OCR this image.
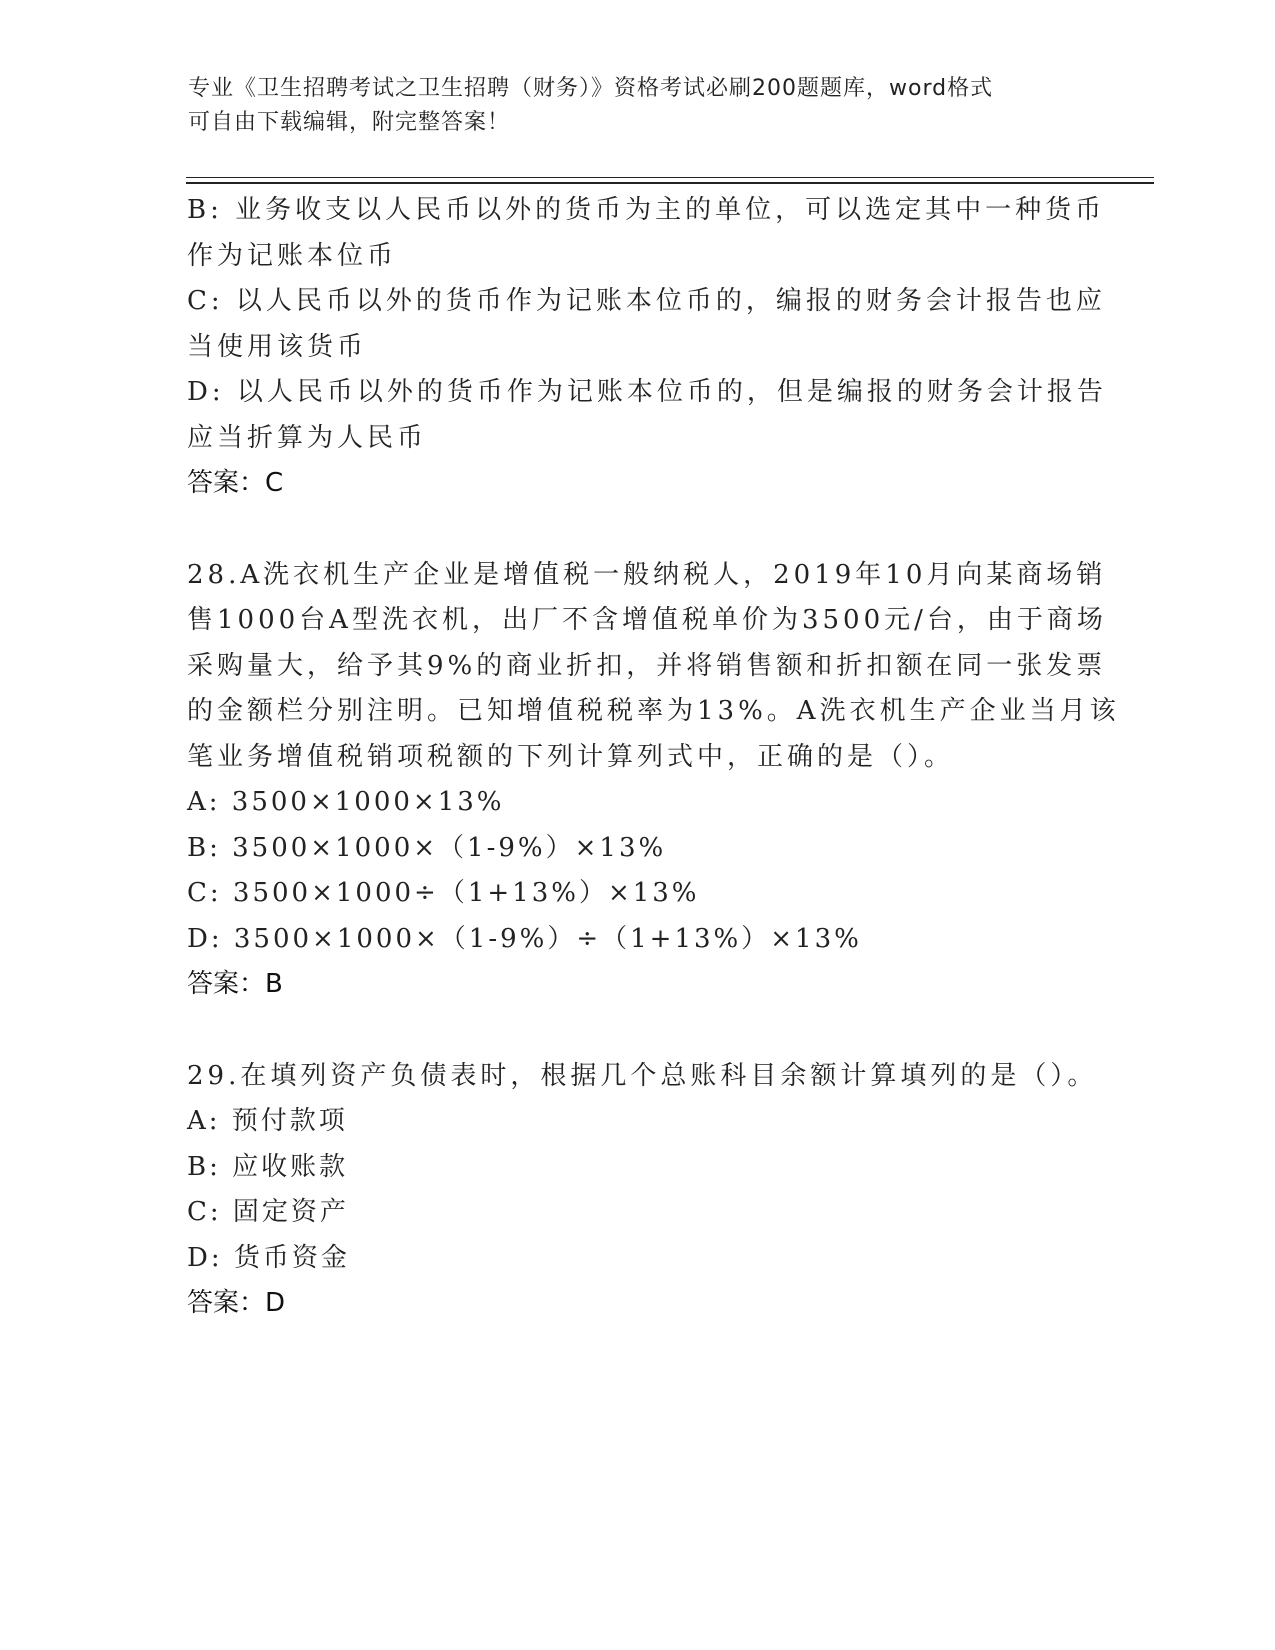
专业《卫生招聘考试之卫生招聘（财务）》资格考试必刷200题题库，word格式
可自由下载编辑，附完整答案！
B: 业务收支以人民币以外的货币为主的单位，可以选定其中一种货币
作为记账本位币
C: 以人民币以外的货币作为记账本位币的，编报的财务会计报告也应
当使用该货币
D: 以人民币以外的货币作为记账本位币的，但是编报的财务会计报告
应当折算为人民币
答案：C
28.A洗衣机生产企业是增值税一般纳税人，2019年10月向某商场销
售1000台A型洗衣机，出厂不含增值税单价为3500元/台，由于商场
采购量大，给予其9%的商业折扣，并将销售额和折扣额在同一张发票
的金额栏分别注明。已知增值税税率为13%。A洗衣机生产企业当月该
笔业务增值税销项税额的下列计算列式中，正确的是（）。
A: 3500×1000×13%
B: 3500×1000×（1-9%）×13%
C: 3500×1000÷（1+13%）×13%
D: 3500×1000×（1-9%）÷（1+13%）×13%
答案：B
29.在填列资产负债表时，根据几个总账科目余额计算填列的是（）。
A: 预付款项
B: 应收账款
C: 固定资产
D: 货币资金
答案：D
